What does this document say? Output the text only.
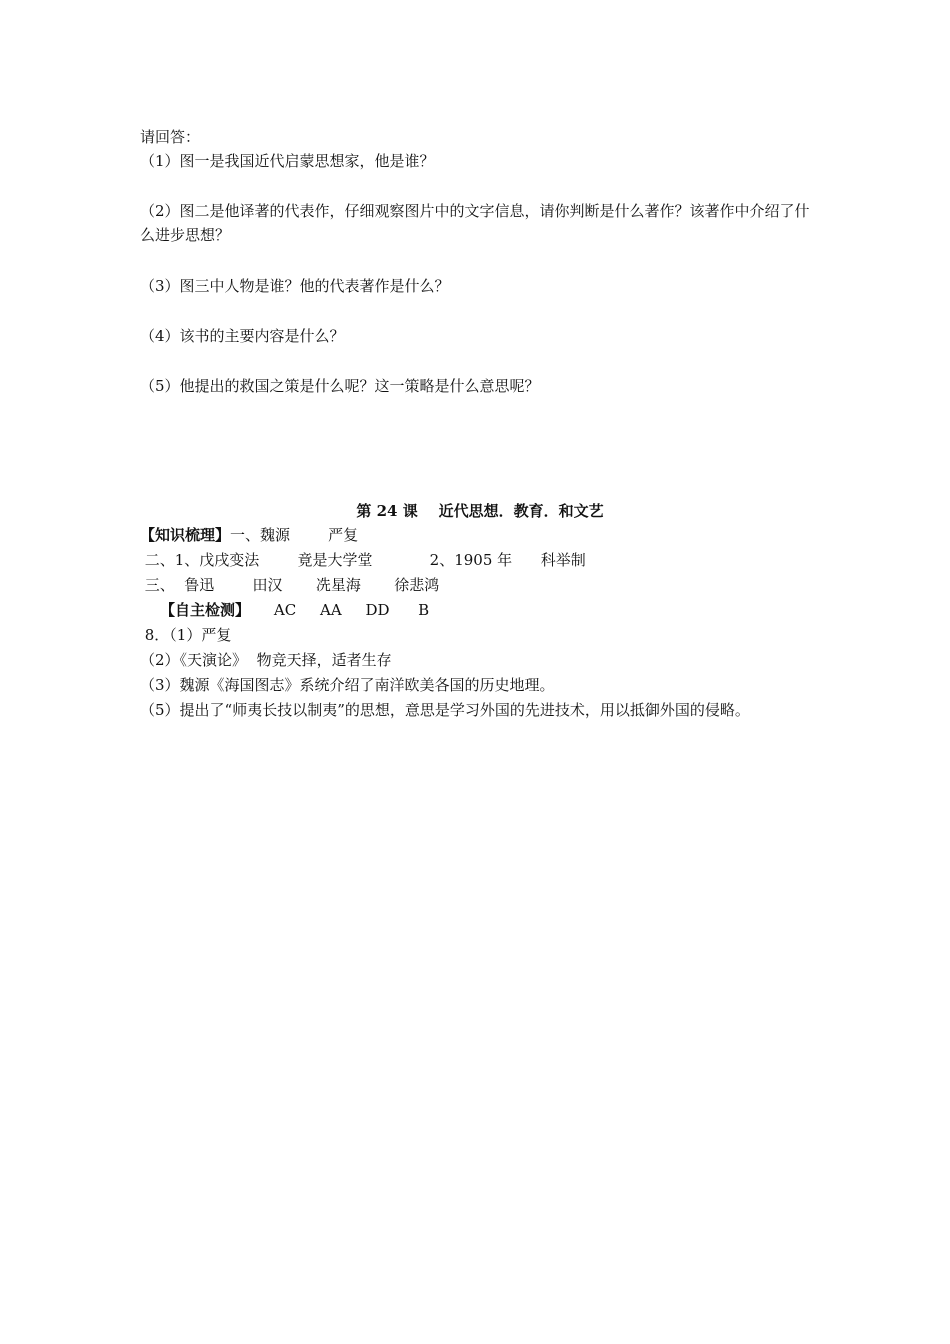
请回答：
（1）图一是我国近代启蒙思想家，他是谁？
（2）图二是他译著的代表作，仔细观察图片中的文字信息，请你判断是什么著作？该著作中介绍了什么进步思想？
（3）图三中人物是谁？他的代表著作是什么？
（4）该书的主要内容是什么？
（5）他提出的救国之策是什么呢？这一策略是什么意思呢？
第 24 课    近代思想．教育．和文艺
【知识梳理】一、魏源        严复
二、1、戊戌变法        竟是大学堂            2、1905 年      科举制
三、  鲁迅        田汉       冼星海       徐悲鸿
【自主检测】     AC     AA     DD      B
8．（1）严复
（2）《天演论》  物竞天择，适者生存
（3）魏源《海国图志》系统介绍了南洋欧美各国的历史地理。
（5）提出了“师夷长技以制夷”的思想，意思是学习外国的先进技术，用以抵御外国的侵略。
